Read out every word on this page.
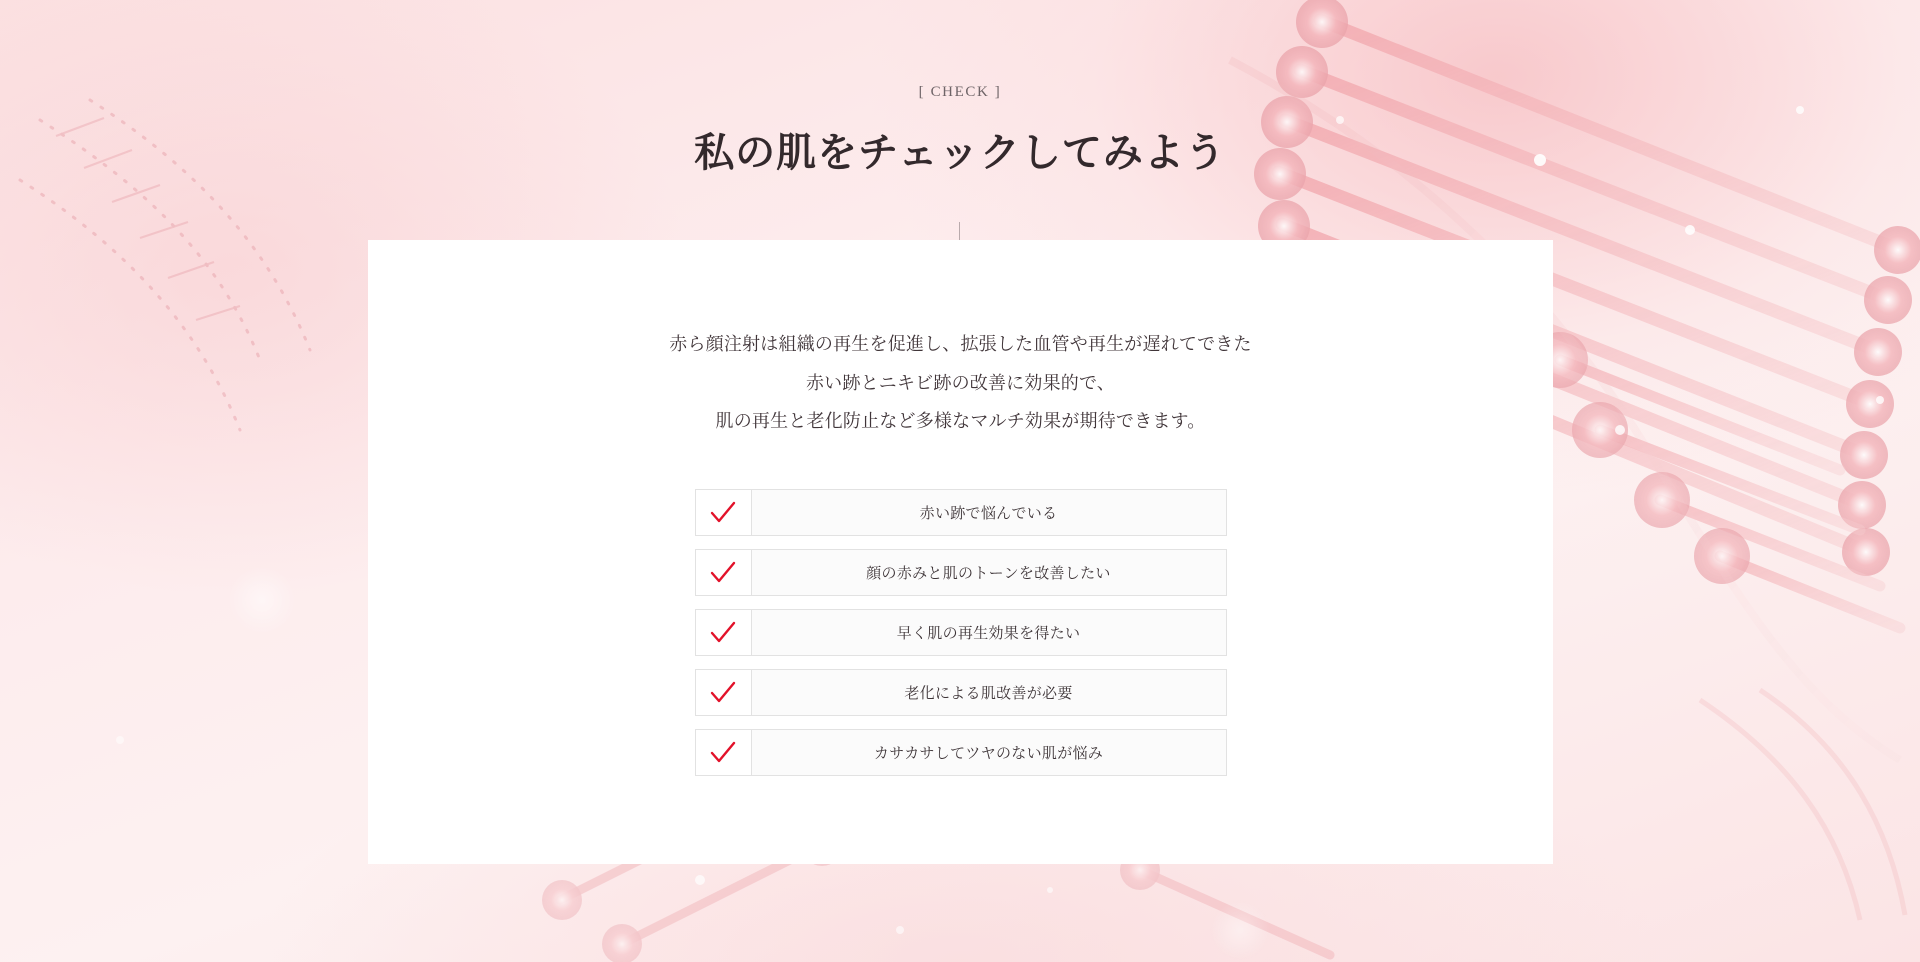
[ CHECK ]
私の肌をチェックしてみよう
赤ら顔注射は組織の再生を促進し、拡張した血管や再生が遅れてできた
赤い跡とニキビ跡の改善に効果的で、
肌の再生と老化防止など多様なマルチ効果が期待できます。
赤い跡で悩んでいる
顔の赤みと肌のトーンを改善したい
早く肌の再生効果を得たい
老化による肌改善が必要
カサカサしてツヤのない肌が悩み
